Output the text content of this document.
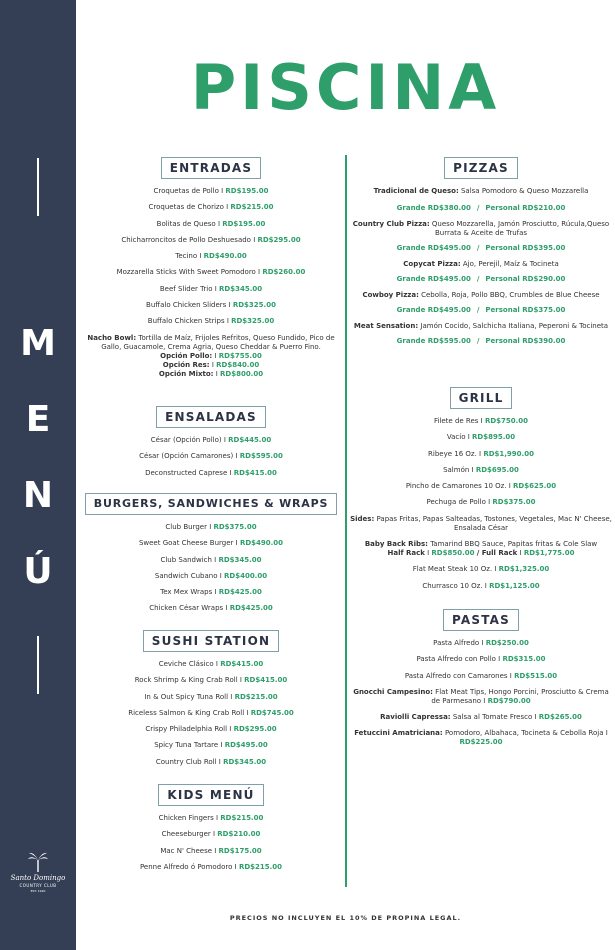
M
E
N
Ú
Santo Domingo
COUNTRY CLUB
EST. 1920
PISCINA
ENTRADAS
Croquetas de Pollo I RD$195.00
Croquetas de Chorizo I RD$215.00
Bolitas de Queso I RD$195.00
Chicharroncitos de Pollo Deshuesado I RD$295.00
Tecino I RD$490.00
Mozzarella Sticks With Sweet Pomodoro I RD$260.00
Beef Slider Trio I RD$345.00
Buffalo Chicken Sliders I RD$325.00
Buffalo Chicken Strips I RD$325.00
Nacho Bowl: Tortilla de Maíz, Frijoles Refritos, Queso Fundido, Pico de Gallo, Guacamole, Crema Agria, Queso Cheddar & Puerro Fino.
Opción Pollo: I RD$755.00
Opción Res: I RD$840.00
Opción Mixto: I RD$800.00
ENSALADAS
César (Opción Pollo) I RD$445.00
César (Opción Camarones) I RD$595.00
Deconstructed Caprese I RD$415.00
BURGERS, SANDWICHES & WRAPS
Club Burger I RD$375.00
Sweet Goat Cheese Burger I RD$490.00
Club Sandwich I RD$345.00
Sandwich Cubano I RD$400.00
Tex Mex Wraps I RD$425.00
Chicken César Wraps I RD$425.00
SUSHI STATION
Ceviche Clásico I RD$415.00
Rock Shrimp & King Crab Roll I RD$415.00
In & Out Spicy Tuna Roll I RD$215.00
Riceless Salmon & King Crab Roll I RD$745.00
Crispy Philadelphia Roll I RD$295.00
Spicy Tuna Tartare I RD$495.00
Country Club Roll I RD$345.00
KIDS MENÚ
Chicken Fingers I RD$215.00
Cheeseburger I RD$210.00
Mac N' Cheese I RD$175.00
Penne Alfredo ó Pomodoro I RD$215.00
PIZZAS
Tradicional de Queso: Salsa Pomodoro & Queso Mozzarella
Grande RD$380.00 / Personal RD$210.00
Country Club Pizza: Queso Mozzarella, Jamón Prosciutto, Rúcula,Queso Burrata & Aceite de Trufas
Grande RD$495.00 / Personal RD$395.00
Copycat Pizza: Ajo, Perejil, Maíz & Tocineta
Grande RD$495.00 / Personal RD$290.00
Cowboy Pizza: Cebolla, Roja, Pollo BBQ, Crumbles de Blue Cheese
Grande RD$495.00 / Personal RD$375.00
Meat Sensation: Jamón Cocido, Salchicha Italiana, Peperoni & Tocineta
Grande RD$595.00 / Personal RD$390.00
GRILL
Filete de Res I RD$750.00
Vacío I RD$895.00
Ribeye 16 Oz. I RD$1,990.00
Salmón I RD$695.00
Pincho de Camarones 10 Oz. I RD$625.00
Pechuga de Pollo I RD$375.00
Sides: Papas Fritas, Papas Salteadas, Tostones, Vegetales, Mac N' Cheese, Ensalada César
Baby Back Ribs: Tamarind BBQ Sauce, Papitas fritas & Cole Slaw
Half Rack I RD$850.00 / Full Rack I RD$1,775.00
Flat Meat Steak 10 Oz. I RD$1,325.00
Churrasco 10 Oz. I RD$1,125.00
PASTAS
Pasta Alfredo I RD$250.00
Pasta Alfredo con Pollo I RD$315.00
Pasta Alfredo con Camarones I RD$515.00
Gnocchi Campesino: Flat Meat Tips, Hongo Porcini, Prosciutto & Crema de Parmesano I RD$790.00
Raviolli Capressa: Salsa al Tomate Fresco I RD$265.00
Fetuccini Amatriciana: Pomodoro, Albahaca, Tocineta & Cebolla Roja I RD$225.00
PRECIOS NO INCLUYEN EL 10% DE PROPINA LEGAL.
